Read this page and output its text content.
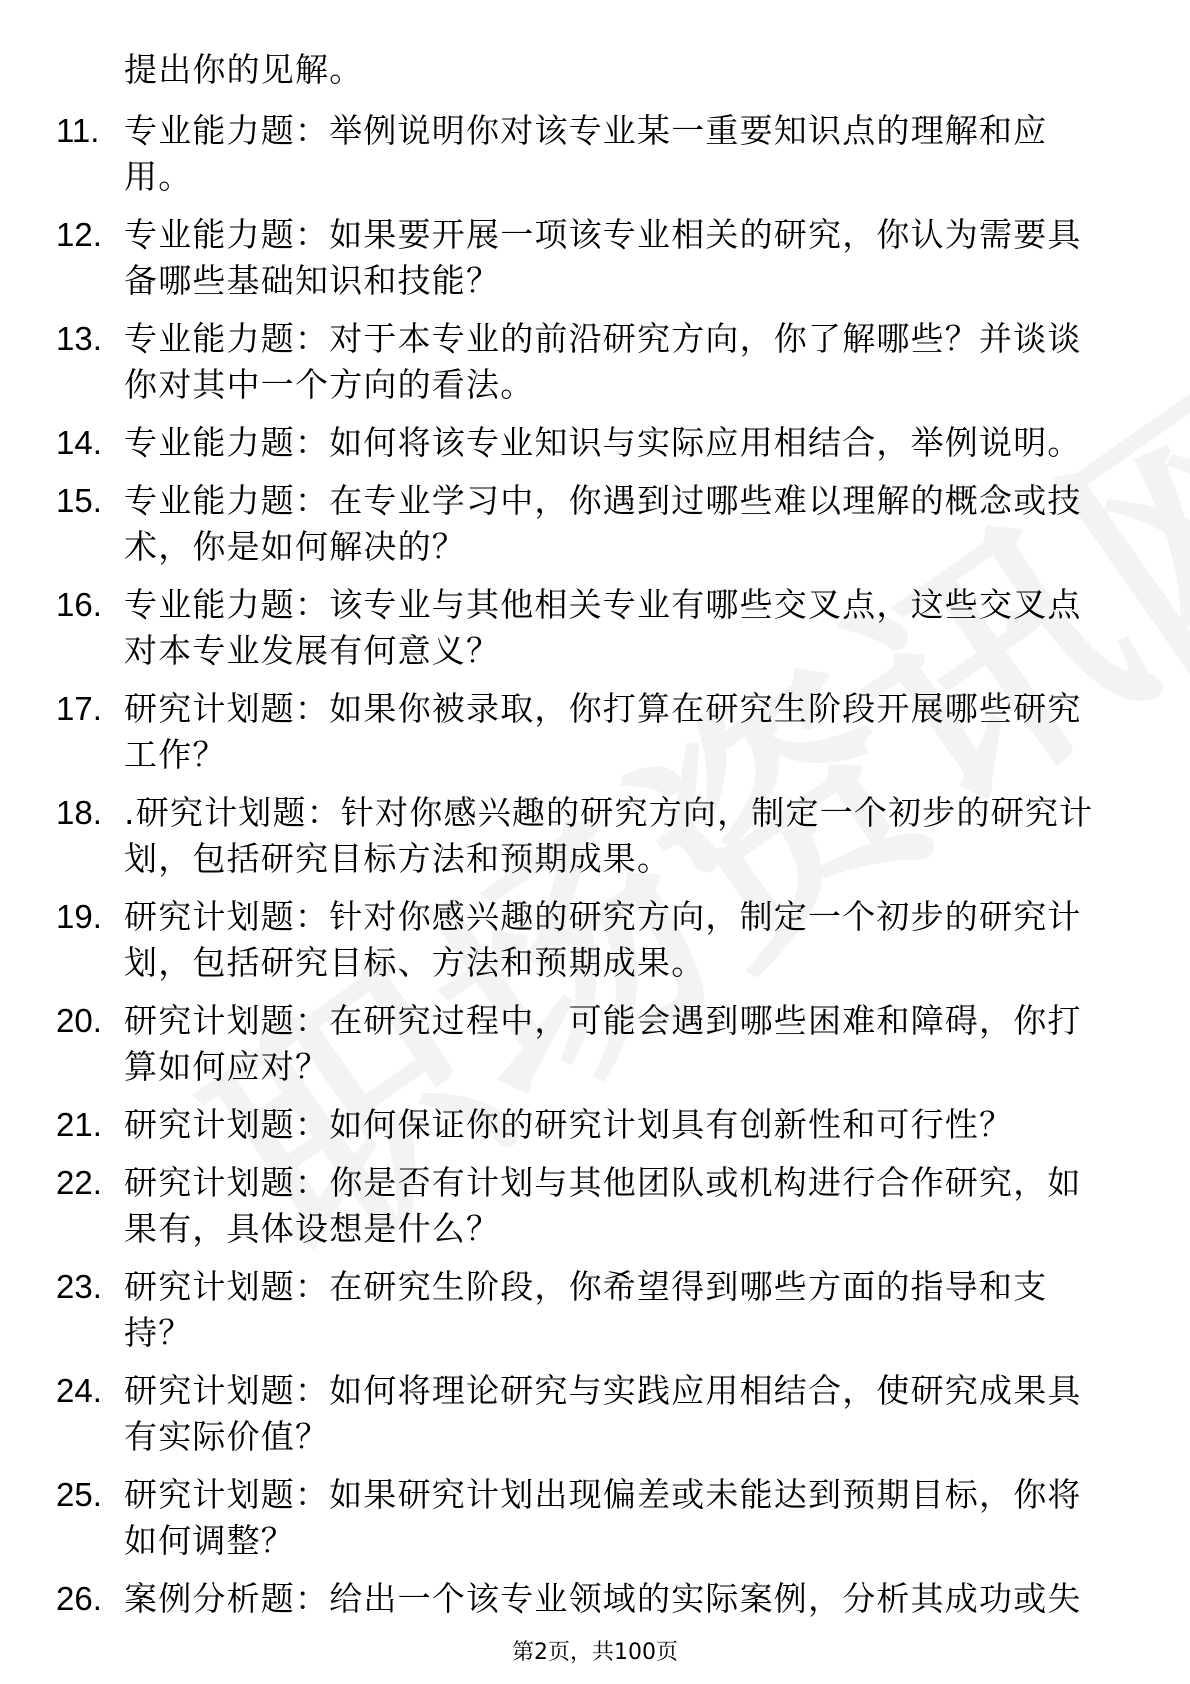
提出你的见解。
11. 专业能力题：举例说明你对该专业某一重要知识点的理解和应用。
12. 专业能力题：如果要开展一项该专业相关的研究，你认为需要具备哪些基础知识和技能？
13. 专业能力题：对于本专业的前沿研究方向，你了解哪些？并谈谈你对其中一个方向的看法。
14. 专业能力题：如何将该专业知识与实际应用相结合，举例说明。
15. 专业能力题：在专业学习中，你遇到过哪些难以理解的概念或技术，你是如何解决的？
16. 专业能力题：该专业与其他相关专业有哪些交叉点，这些交叉点对本专业发展有何意义？
17. 研究计划题：如果你被录取，你打算在研究生阶段开展哪些研究工作？
18. .研究计划题：针对你感兴趣的研究方向，制定一个初步的研究计划，包括研究目标方法和预期成果。
19. 研究计划题：针对你感兴趣的研究方向，制定一个初步的研究计划，包括研究目标、方法和预期成果。
20. 研究计划题：在研究过程中，可能会遇到哪些困难和障碍，你打算如何应对？
21. 研究计划题：如何保证你的研究计划具有创新性和可行性？
22. 研究计划题：你是否有计划与其他团队或机构进行合作研究，如果有，具体设想是什么？
23. 研究计划题：在研究生阶段，你希望得到哪些方面的指导和支持？
24. 研究计划题：如何将理论研究与实践应用相结合，使研究成果具有实际价值？
25. 研究计划题：如果研究计划出现偏差或未能达到预期目标，你将如何调整？
26. 案例分析题：给出一个该专业领域的实际案例，分析其成功或失
第2页，共100页
